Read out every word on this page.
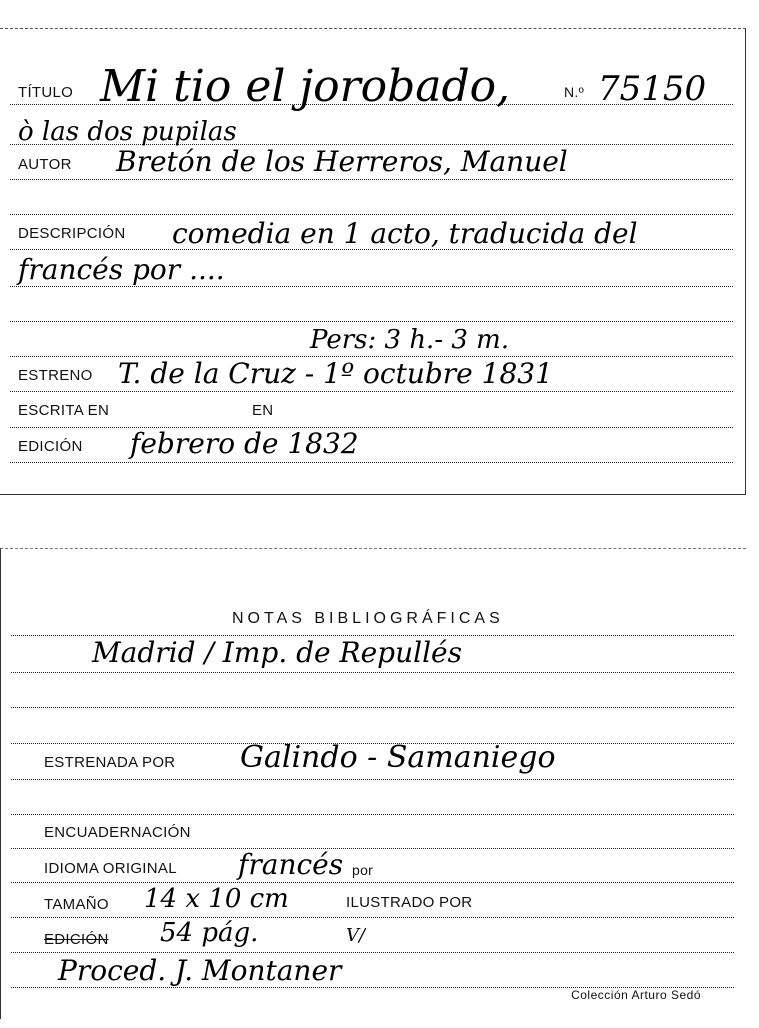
TÍTULO Mi tio el jorobado,	N.º 75150
ò las dos pupilas
AUTOR Bretón de los Herreros, Manuel
DESCRIPCIÓN comedia en 1 acto, traducida del
francés por ....
Pers: 3 h.- 3 m.
ESTRENO T. de la Cruz - 1º octubre 1831
ESCRITA EN	EN
EDICIÓN febrero de 1832
NOTAS BIBLIOGRÁFICAS
Madrid / Imp. de Repullés
ESTRENADA POR Galindo - Samaniego
ENCUADERNACIÓN
IDIOMA ORIGINAL francés por
TAMAÑO 14 x 10 cm	ILUSTRADO POR
EDICIÓN 54 pág.	V/
Proced. J. Montaner
Colección Arturo Sedó
